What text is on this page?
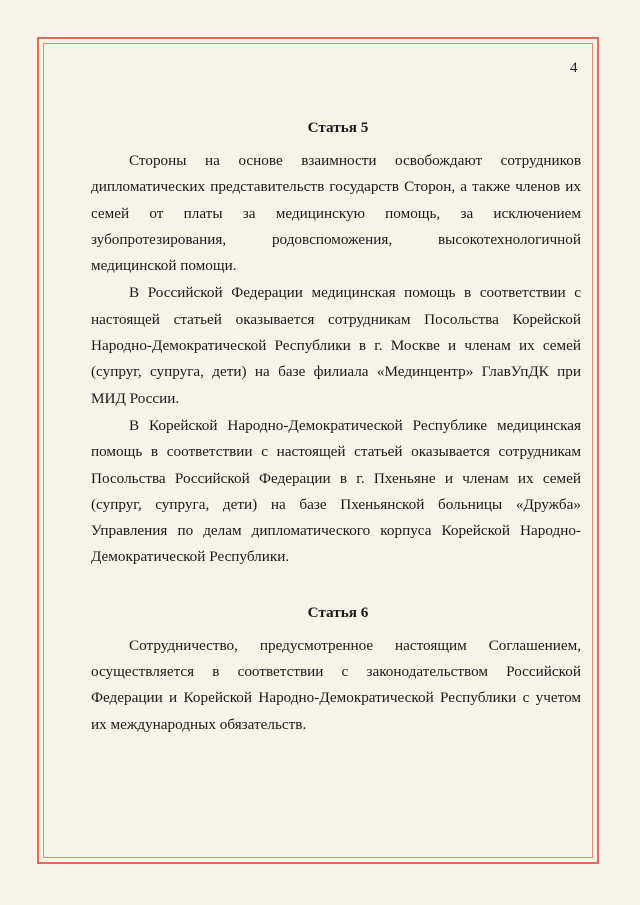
4
Статья 5

Стороны на основе взаимности освобождают сотрудников дипломатических представительств государств Сторон, а также членов их семей от платы за медицинскую помощь, за исключением зубопротезирования, родовспоможения, высокотехнологичной медицинской помощи.

В Российской Федерации медицинская помощь в соответствии с настоящей статьей оказывается сотрудникам Посольства Корейской Народно-Демократической Республики в г. Москве и членам их семей (супруг, супруга, дети) на базе филиала «Мединцентр» ГлавУпДК при МИД России.

В Корейской Народно-Демократической Республике медицинская помощь в соответствии с настоящей статьей оказывается сотрудникам Посольства Российской Федерации в г. Пхеньяне и членам их семей (супруг, супруга, дети) на базе Пхеньянской больницы «Дружба» Управления по делам дипломатического корпуса Корейской Народно-Демократической Республики.

Статья 6

Сотрудничество, предусмотренное настоящим Соглашением, осуществляется в соответствии с законодательством Российской Федерации и Корейской Народно-Демократической Республики с учетом их международных обязательств.
